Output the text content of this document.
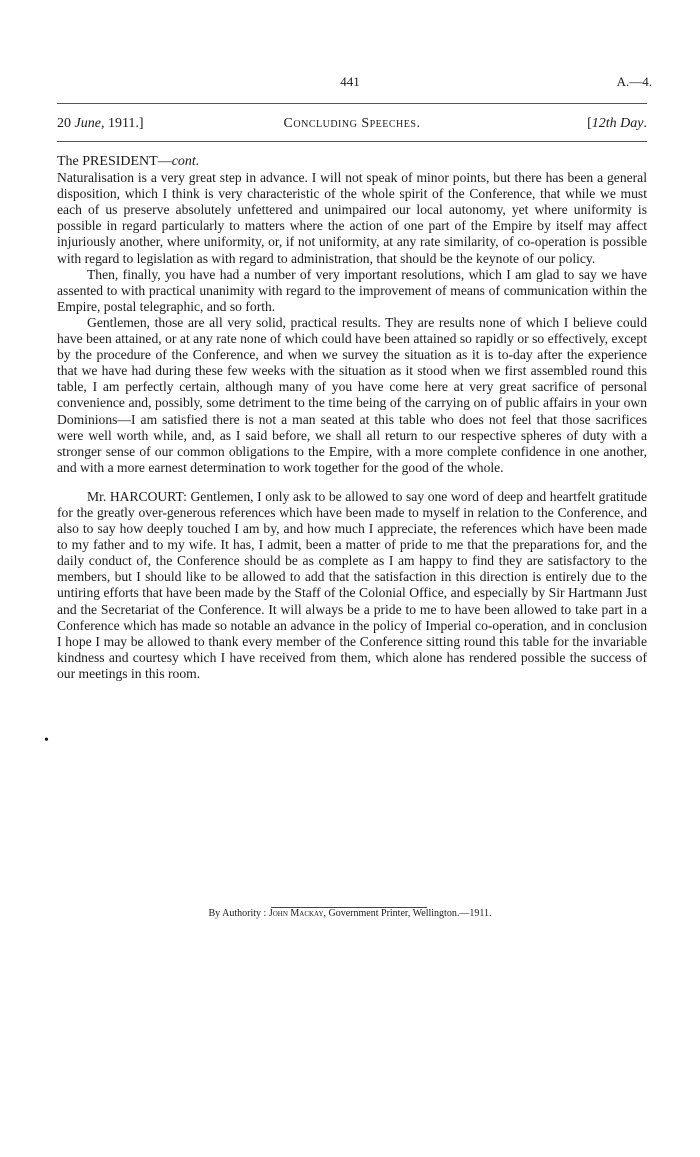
441	A.—4.
20 June, 1911.]	Concluding Speeches.	[12th Day.

The PRESIDENT—cont.

Naturalisation is a very great step in advance. I will not speak of minor points, but there has been a general disposition, which I think is very characteristic of the whole spirit of the Conference, that while we must each of us preserve absolutely unfettered and unimpaired our local autonomy, yet where uniformity is possible in regard particularly to matters where the action of one part of the Empire by itself may affect injuriously another, where uniformity, or, if not uniformity, at any rate similarity, of co-operation is possible with regard to legislation as with regard to administration, that should be the keynote of our policy.

Then, finally, you have had a number of very important resolutions, which I am glad to say we have assented to with practical unanimity with regard to the improvement of means of communication within the Empire, postal telegraphic, and so forth.

Gentlemen, those are all very solid, practical results. They are results none of which I believe could have been attained, or at any rate none of which could have been attained so rapidly or so effectively, except by the procedure of the Conference, and when we survey the situation as it is to-day after the experience that we have had during these few weeks with the situation as it stood when we first assembled round this table, I am perfectly certain, although many of you have come here at very great sacrifice of personal convenience and, possibly, some detriment to the time being of the carrying on of public affairs in your own Dominions—I am satisfied there is not a man seated at this table who does not feel that those sacrifices were well worth while, and, as I said before, we shall all return to our respective spheres of duty with a stronger sense of our common obligations to the Empire, with a more complete confidence in one another, and with a more earnest determination to work together for the good of the whole.

Mr. HARCOURT: Gentlemen, I only ask to be allowed to say one word of deep and heartfelt gratitude for the greatly over-generous references which have been made to myself in relation to the Conference, and also to say how deeply touched I am by, and how much I appreciate, the references which have been made to my father and to my wife. It has, I admit, been a matter of pride to me that the preparations for, and the daily conduct of, the Conference should be as complete as I am happy to find they are satisfactory to the members, but I should like to be allowed to add that the satisfaction in this direction is entirely due to the untiring efforts that have been made by the Staff of the Colonial Office, and especially by Sir Hartmann Just and the Secretariat of the Conference. It will always be a pride to me to have been allowed to take part in a Conference which has made so notable an advance in the policy of Imperial co-operation, and in conclusion I hope I may be allowed to thank every member of the Conference sitting round this table for the invariable kindness and courtesy which I have received from them, which alone has rendered possible the success of our meetings in this room.

•
By Authority : John Mackay, Government Printer, Wellington.—1911.
